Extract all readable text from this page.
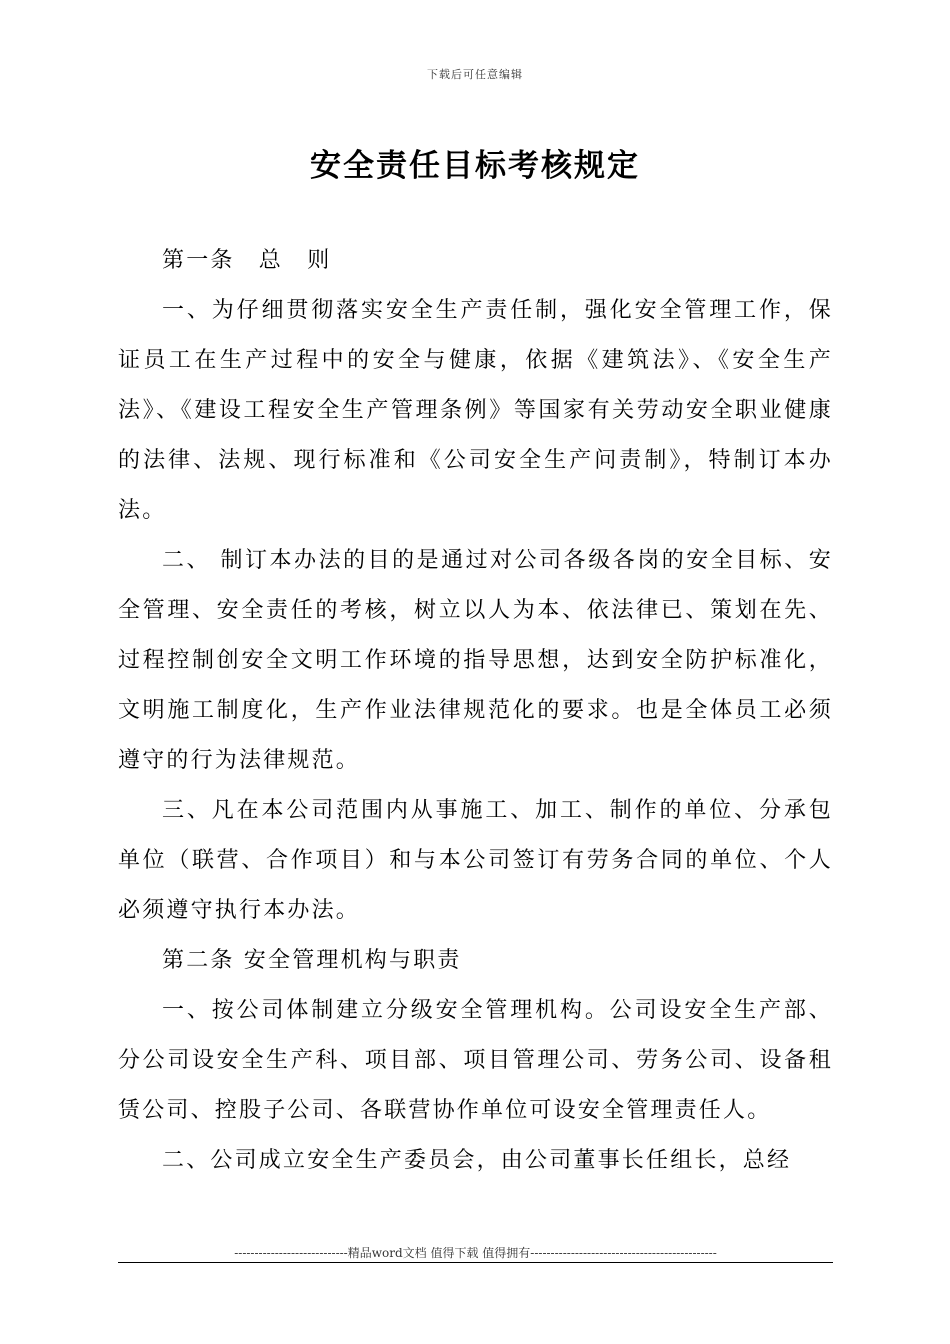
下载后可任意编辑
安全责任目标考核规定

第一条　总　则

一、为仔细贯彻落实安全生产责任制，强化安全管理工作，保证员工在生产过程中的安全与健康，依据《建筑法》、《安全生产法》、《建设工程安全生产管理条例》等国家有关劳动安全职业健康的法律、法规、现行标准和《公司安全生产问责制》，特制订本办法。

二、 制订本办法的目的是通过对公司各级各岗的安全目标、安全管理、安全责任的考核，树立以人为本、依法律已、策划在先、过程控制创安全文明工作环境的指导思想，达到安全防护标准化，文明施工制度化，生产作业法律规范化的要求。也是全体员工必须遵守的行为法律规范。

三、凡在本公司范围内从事施工、加工、制作的单位、分承包单位（联营、合作项目）和与本公司签订有劳务合同的单位、个人必须遵守执行本办法。

第二条 安全管理机构与职责

一、按公司体制建立分级安全管理机构。公司设安全生产部、分公司设安全生产科、项目部、项目管理公司、劳务公司、设备租赁公司、控股子公司、各联营协作单位可设安全管理责任人。

二、公司成立安全生产委员会，由公司董事长任组长，总经

----------------------------精品word文档 值得下载 值得拥有----------------------------------------------
